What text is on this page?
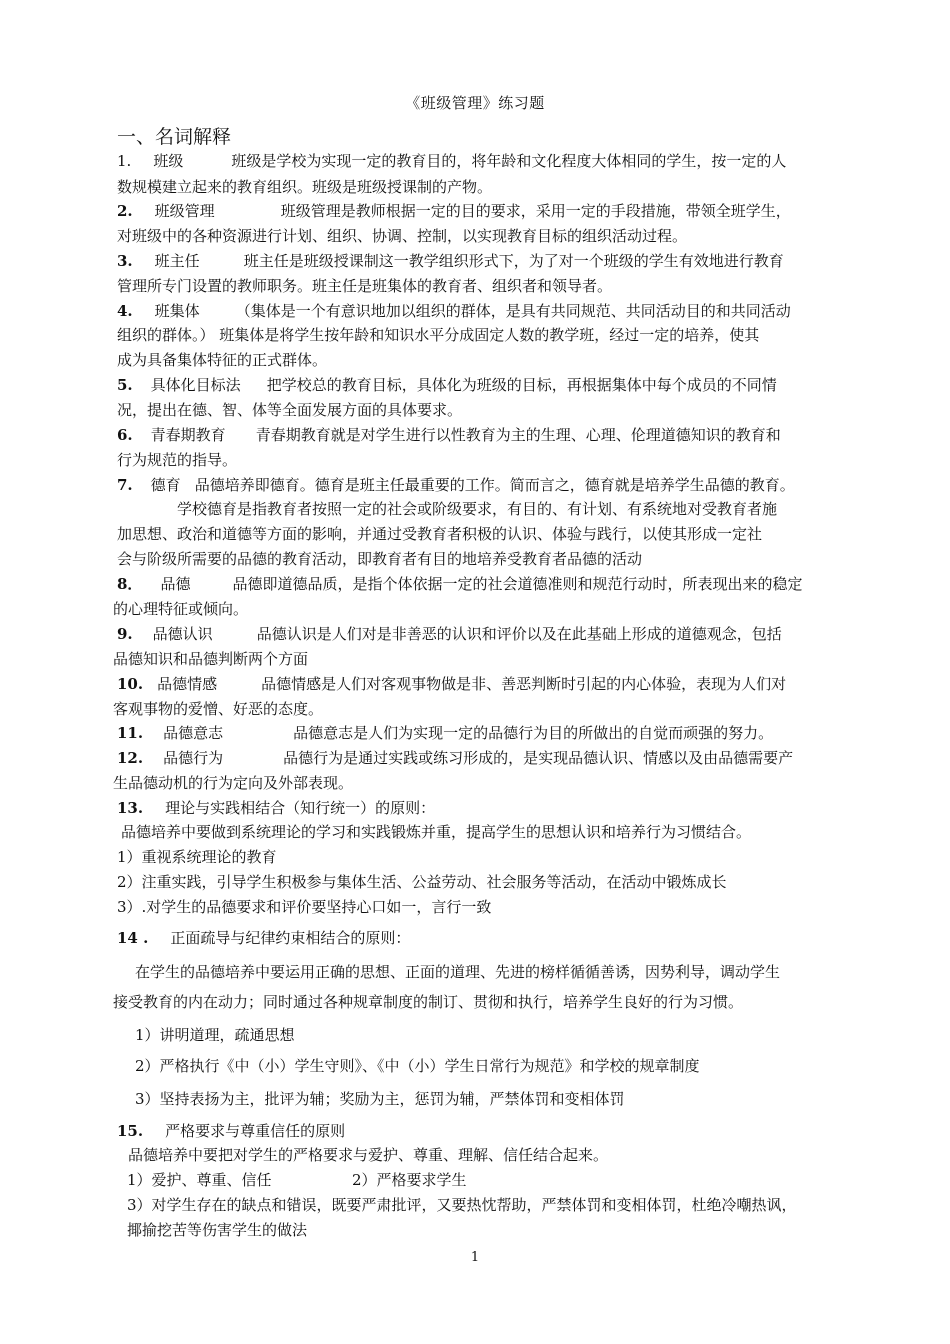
《班级管理》练习题
一、名词解释
1. 班级	班级是学校为实现一定的教育目的，将年龄和文化程度大体相同的学生，按一定的人
数规模建立起来的教育组织。班级是班级授课制的产物。
2. 班级管理	班级管理是教师根据一定的目的要求，采用一定的手段措施，带领全班学生，
对班级中的各种资源进行计划、组织、协调、控制，以实现教育目标的组织活动过程。
3. 班主任	班主任是班级授课制这一教学组织形式下，为了对一个班级的学生有效地进行教育
管理所专门设置的教师职务。班主任是班集体的教育者、组织者和领导者。
4. 班集体 （集体是一个有意识地加以组织的群体，是具有共同规范、共同活动目的和共同活动
组织的群体。） 班集体是将学生按年龄和知识水平分成固定人数的教学班，经过一定的培养，使其
成为具备集体特征的正式群体。
5. 具体化目标法 把学校总的教育目标，具体化为班级的目标，再根据集体中每个成员的不同情
况，提出在德、智、体等全面发展方面的具体要求。
6. 青春期教育 青春期教育就是对学生进行以性教育为主的生理、心理、伦理道德知识的教育和
行为规范的指导。
7. 德育 品德培养即德育。德育是班主任最重要的工作。简而言之，德育就是培养学生品德的教育。
学校德育是指教育者按照一定的社会或阶级要求，有目的、有计划、有系统地对受教育者施
加思想、政治和道德等方面的影响，并通过受教育者积极的认识、体验与践行，以使其形成一定社
会与阶级所需要的品德的教育活动，即教育者有目的地培养受教育者品德的活动
8． 品德	品德即道德品质，是指个体依据一定的社会道德准则和规范行动时，所表现出来的稳定
的心理特征或倾向。
9. 品德认识	品德认识是人们对是非善恶的认识和评价以及在此基础上形成的道德观念，包括
品德知识和品德判断两个方面
10. 品德情感	品德情感是人们对客观事物做是非、善恶判断时引起的内心体验，表现为人们对
客观事物的爱憎、好恶的态度。
11. 品德意志	品德意志是人们为实现一定的品德行为目的所做出的自觉而顽强的努力。
12. 品德行为	品德行为是通过实践或练习形成的，是实现品德认识、情感以及由品德需要产
生品德动机的行为定向及外部表现。
13. 理论与实践相结合（知行统一）的原则：
品德培养中要做到系统理论的学习和实践锻炼并重，提高学生的思想认识和培养行为习惯结合。
1）重视系统理论的教育
2）注重实践，引导学生积极参与集体生活、公益劳动、社会服务等活动，在活动中锻炼成长
3）.对学生的品德要求和评价要坚持心口如一，言行一致
14 . 正面疏导与纪律约束相结合的原则：
在学生的品德培养中要运用正确的思想、正面的道理、先进的榜样循循善诱，因势利导，调动学生
接受教育的内在动力；同时通过各种规章制度的制订、贯彻和执行，培养学生良好的行为习惯。
1）讲明道理，疏通思想
2）严格执行《中（小）学生守则》、《中（小）学生日常行为规范》和学校的规章制度
3）坚持表扬为主，批评为辅；奖励为主，惩罚为辅，严禁体罚和变相体罚
15. 严格要求与尊重信任的原则
品德培养中要把对学生的严格要求与爱护、尊重、理解、信任结合起来。
1）爱护、尊重、信任	2）严格要求学生
3）对学生存在的缺点和错误，既要严肃批评，又要热忱帮助，严禁体罚和变相体罚，杜绝冷嘲热讽，
揶揄挖苦等伤害学生的做法
1
